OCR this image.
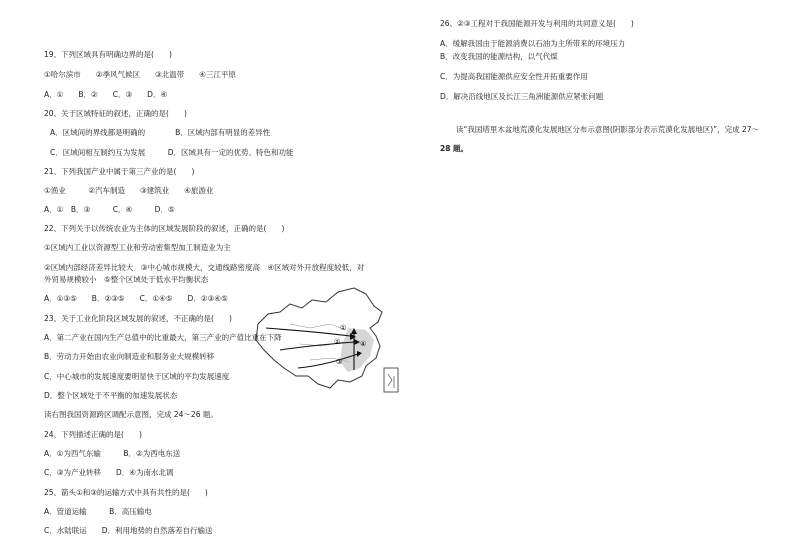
19、下列区域具有明确边界的是(　　)
①哈尔滨市　　②季风气候区　　③北温带　　④三江平原
A．①　　B．②　　C．③　　D．④
20、关于区域特征的叙述，正确的是(　　)
A．区域间的界线都是明确的　　　　B．区域内部有明显的差异性
C．区域间相互制约互为发展　　　D．区域具有一定的优势、特色和功能
21、下列我国产业中属于第三产业的是(　　)
①渔业　　　②汽车制造　　③建筑业　　④旅游业
A．① B．③　　　C．④　　　D．⑤
22、下列关于以传统农业为主体的区域发展阶段的叙述，正确的是(　　)
①区域内工业以资源型工业和劳动密集型加工制造业为主
②区域内部经济差异比较大　③中心城市规模大，交通线路密度高　④区域对外开放程度较低，对
外贸易规模较小　⑤整个区域处于低水平均衡状态
A．①③⑤　　B．②③⑤　　C．①④⑤　　D．②③④⑤
23、关于工业化阶段区域发展的叙述，不正确的是(　　)
A．第二产业在国内生产总值中的比重最大，第三产业的产值比重在下降
B．劳动力开始由农业向制造业和服务业大规模转移
C．中心城市的发展速度要明显快于区域的平均发展速度
D．整个区域处于不平衡的加速发展状态
读右图我国资源跨区调配示意图，完成 24～26 题。
24、下列描述正确的是(　　)
A．①为西气东输　　　B．②为西电东送
C．③为产业转移　　D．④为南水北调
25、箭头①和③的运输方式中具有共性的是(　　)
A．管道运输　　　B．高压输电
C．水陆联运　　D．利用地势的自然落差自行输送
①
②
③
④
26、②③工程对于我国能源开发与利用的共同意义是(　　)
A．缓解我国由于能源消费以石油为主所带来的环境压力
B．改变我国的能源结构，以气代煤
C．为提高我国能源供应安全性开拓重要作用
D．解决沿线地区及长江三角洲能源供应紧张问题
读“我国塔里木盆地荒漠化发展地区分布示意图(阴影部分表示荒漠化发展地区)”，完成 27～
28 题。
